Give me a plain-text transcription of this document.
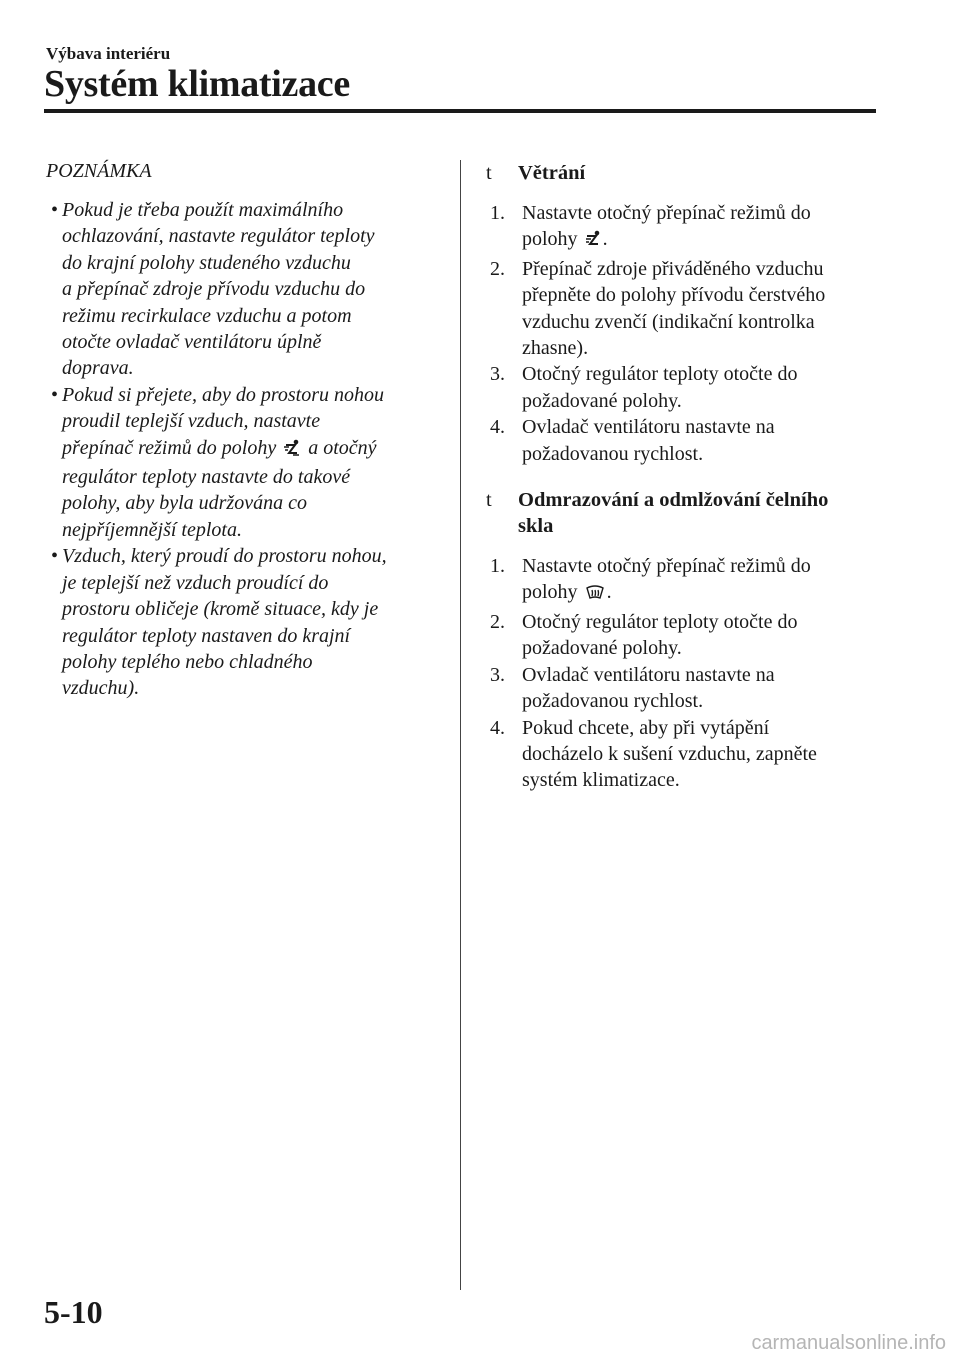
Výbava interiéru
Systém klimatizace
POZNÁMKA
• Pokud je třeba použít maximálního
ochlazování, nastavte regulátor teploty
do krajní polohy studeného vzduchu
a přepínač zdroje přívodu vzduchu do
režimu recirkulace vzduchu a potom
otočte ovladač ventilátoru úplně
doprava.
• Pokud si přejete, aby do prostoru nohou
proudil teplejší vzduch, nastavte
přepínač režimů do polohy  a otočný
regulátor teploty nastavte do takové
polohy, aby byla udržována co
nejpříjemnější teplota.
• Vzduch, který proudí do prostoru nohou,
je teplejší než vzduch proudící do
prostoru obličeje (kromě situace, kdy je
regulátor teploty nastaven do krajní
polohy teplého nebo chladného
vzduchu).
t Větrání
1. Nastavte otočný přepínač režimů do
polohy .
2. Přepínač zdroje přiváděného vzduchu
přepněte do polohy přívodu čerstvého
vzduchu zvenčí (indikační kontrolka
zhasne).
3. Otočný regulátor teploty otočte do
požadované polohy.
4. Ovladač ventilátoru nastavte na
požadovanou rychlost.
t Odmrazování a odmlžování čelního
skla
1. Nastavte otočný přepínač režimů do
polohy .
2. Otočný regulátor teploty otočte do
požadované polohy.
3. Ovladač ventilátoru nastavte na
požadovanou rychlost.
4. Pokud chcete, aby při vytápění
docházelo k sušení vzduchu, zapněte
systém klimatizace.
5-10
carmanualsonline.info
